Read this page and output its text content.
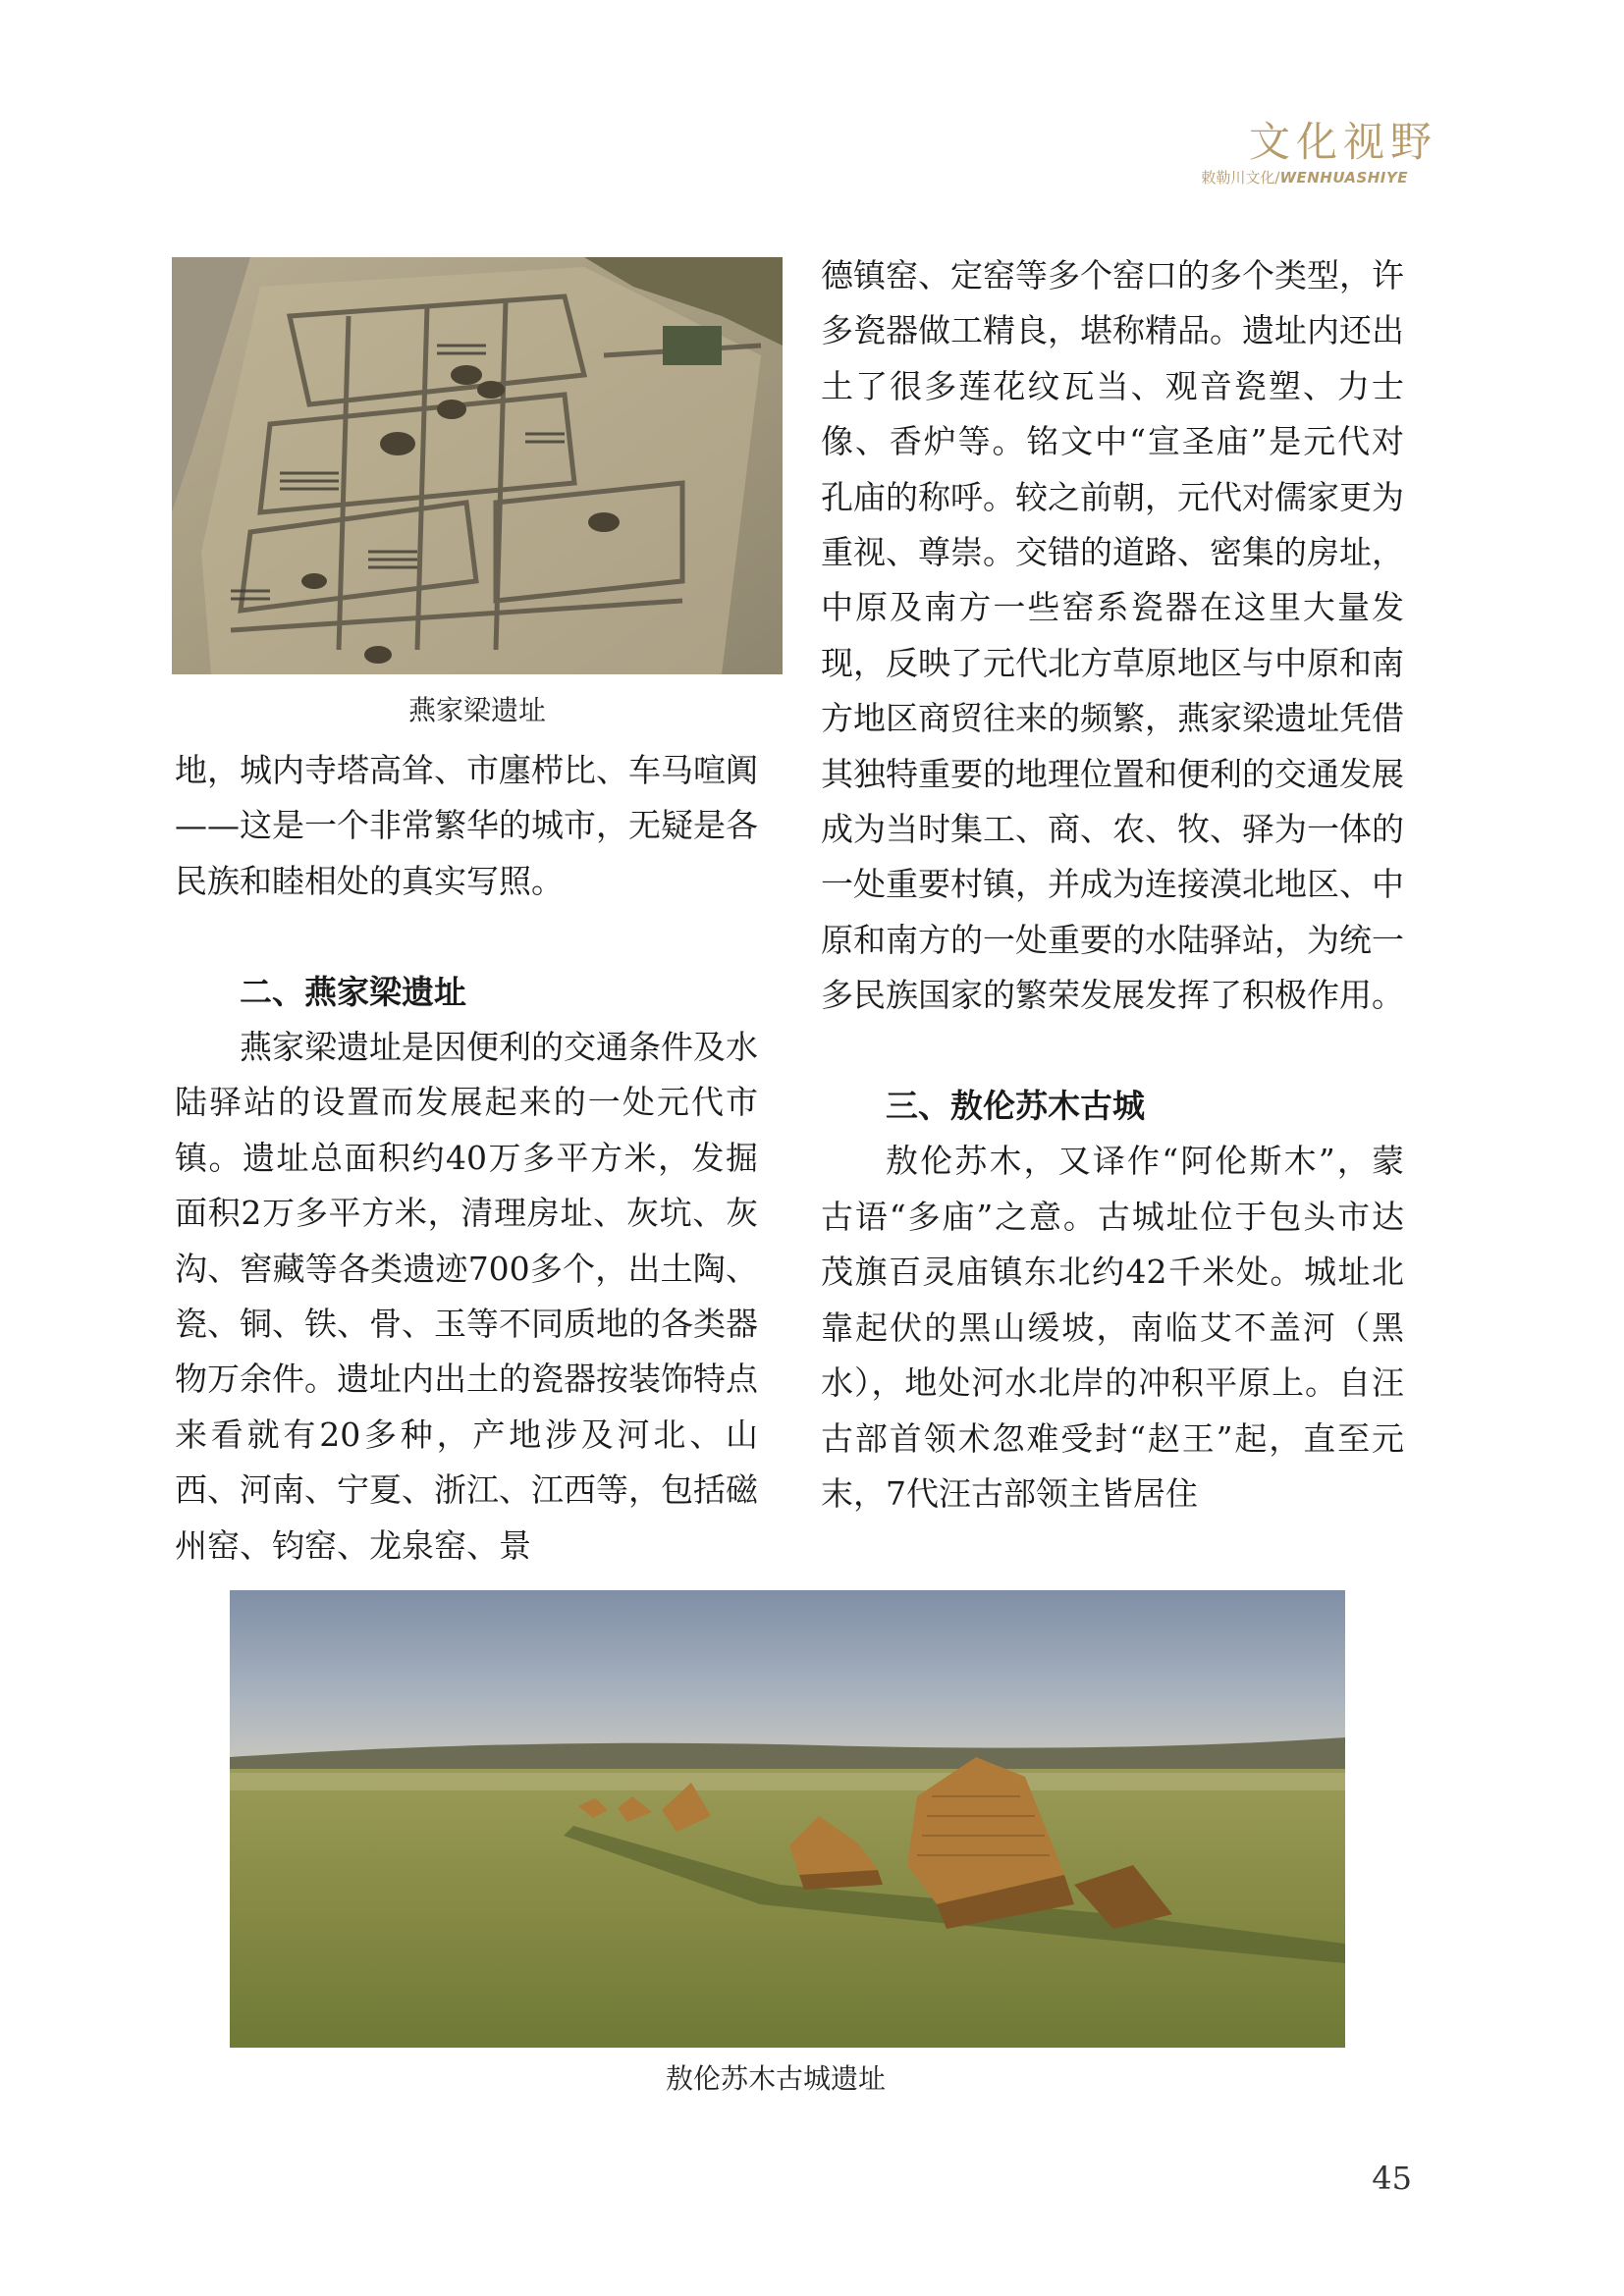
文化视野
敕勒川文化/WENHUASHIYE
燕家梁遗址

地，城内寺塔高耸、市廛栉比、车马喧阗——这是一个非常繁华的城市，无疑是各民族和睦相处的真实写照。

二、燕家梁遗址

燕家梁遗址是因便利的交通条件及水陆驿站的设置而发展起来的一处元代市镇。遗址总面积约40万多平方米，发掘面积2万多平方米，清理房址、灰坑、灰沟、窖藏等各类遗迹700多个，出土陶、瓷、铜、铁、骨、玉等不同质地的各类器物万余件。遗址内出土的瓷器按装饰特点来看就有20多种，产地涉及河北、山西、河南、宁夏、浙江、江西等，包括磁州窑、钧窑、龙泉窑、景

德镇窑、定窑等多个窑口的多个类型，许多瓷器做工精良，堪称精品。遗址内还出土了很多莲花纹瓦当、观音瓷塑、力士像、香炉等。铭文中“宣圣庙”是元代对孔庙的称呼。较之前朝，元代对儒家更为重视、尊崇。交错的道路、密集的房址，中原及南方一些窑系瓷器在这里大量发现，反映了元代北方草原地区与中原和南方地区商贸往来的频繁，燕家梁遗址凭借其独特重要的地理位置和便利的交通发展成为当时集工、商、农、牧、驿为一体的一处重要村镇，并成为连接漠北地区、中原和南方的一处重要的水陆驿站，为统一多民族国家的繁荣发展发挥了积极作用。

三、敖伦苏木古城

敖伦苏木，又译作“阿伦斯木”，蒙古语“多庙”之意。古城址位于包头市达茂旗百灵庙镇东北约42千米处。城址北靠起伏的黑山缓坡，南临艾不盖河（黑水），地处河水北岸的冲积平原上。自汪古部首领术忽难受封“赵王”起，直至元末，7代汪古部领主皆居住

敖伦苏木古城遗址
45
